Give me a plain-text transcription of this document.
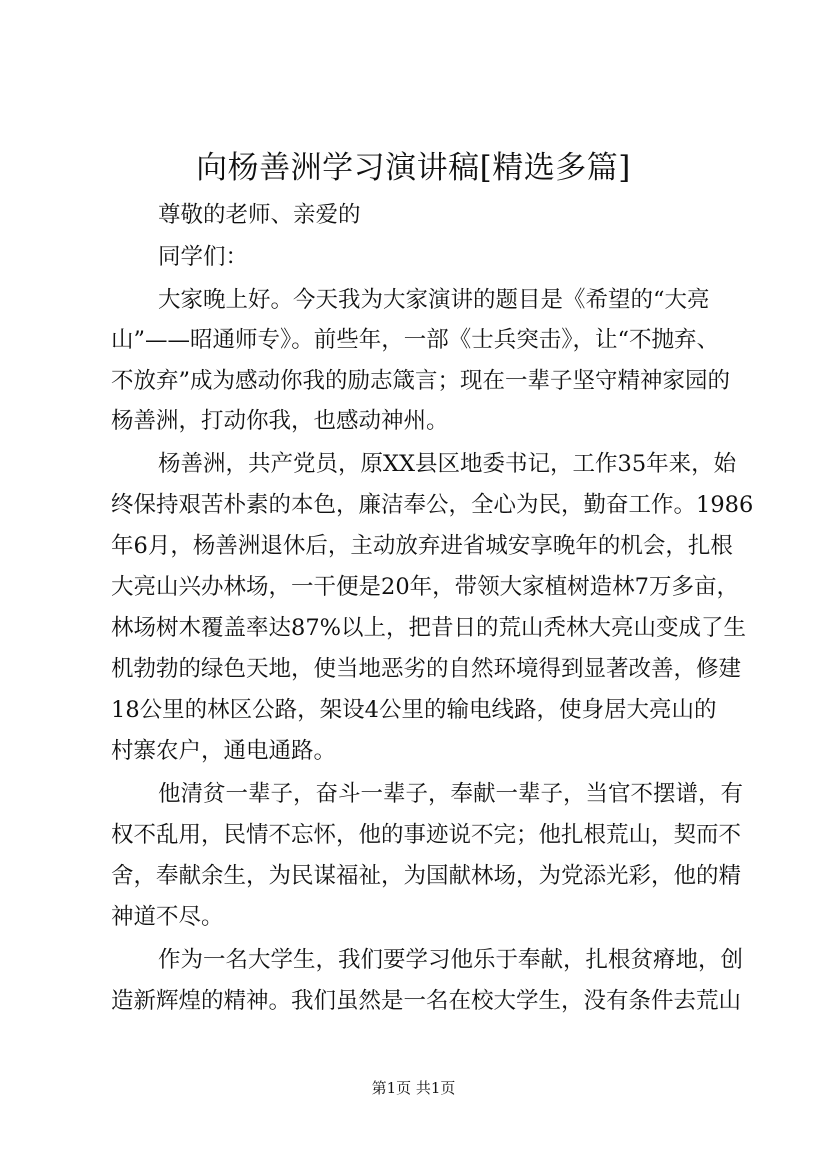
向杨善洲学习演讲稿[精选多篇]

尊敬的老师、亲爱的

同学们：

大家晚上好。今天我为大家演讲的题目是《希望的“大亮

山”——昭通师专》。前些年，一部《士兵突击》，让“不抛弃、

不放弃”成为感动你我的励志箴言；现在一辈子坚守精神家园的

杨善洲，打动你我，也感动神州。

杨善洲，共产党员，原XX县区地委书记，工作35年来，始

终保持艰苦朴素的本色，廉洁奉公，全心为民，勤奋工作。1986

年6月，杨善洲退休后，主动放弃进省城安享晚年的机会，扎根

大亮山兴办林场，一干便是20年，带领大家植树造林7万多亩，

林场树木覆盖率达87%以上，把昔日的荒山秃林大亮山变成了生

机勃勃的绿色天地，使当地恶劣的自然环境得到显著改善，修建

18公里的林区公路，架设4公里的输电线路，使身居大亮山的

村寨农户，通电通路。

他清贫一辈子，奋斗一辈子，奉献一辈子，当官不摆谱，有

权不乱用，民情不忘怀，他的事迹说不完；他扎根荒山，契而不

舍，奉献余生，为民谋福祉，为国献林场，为党添光彩，他的精

神道不尽。

作为一名大学生，我们要学习他乐于奉献，扎根贫瘠地，创

造新辉煌的精神。我们虽然是一名在校大学生，没有条件去荒山

第1页 共1页
